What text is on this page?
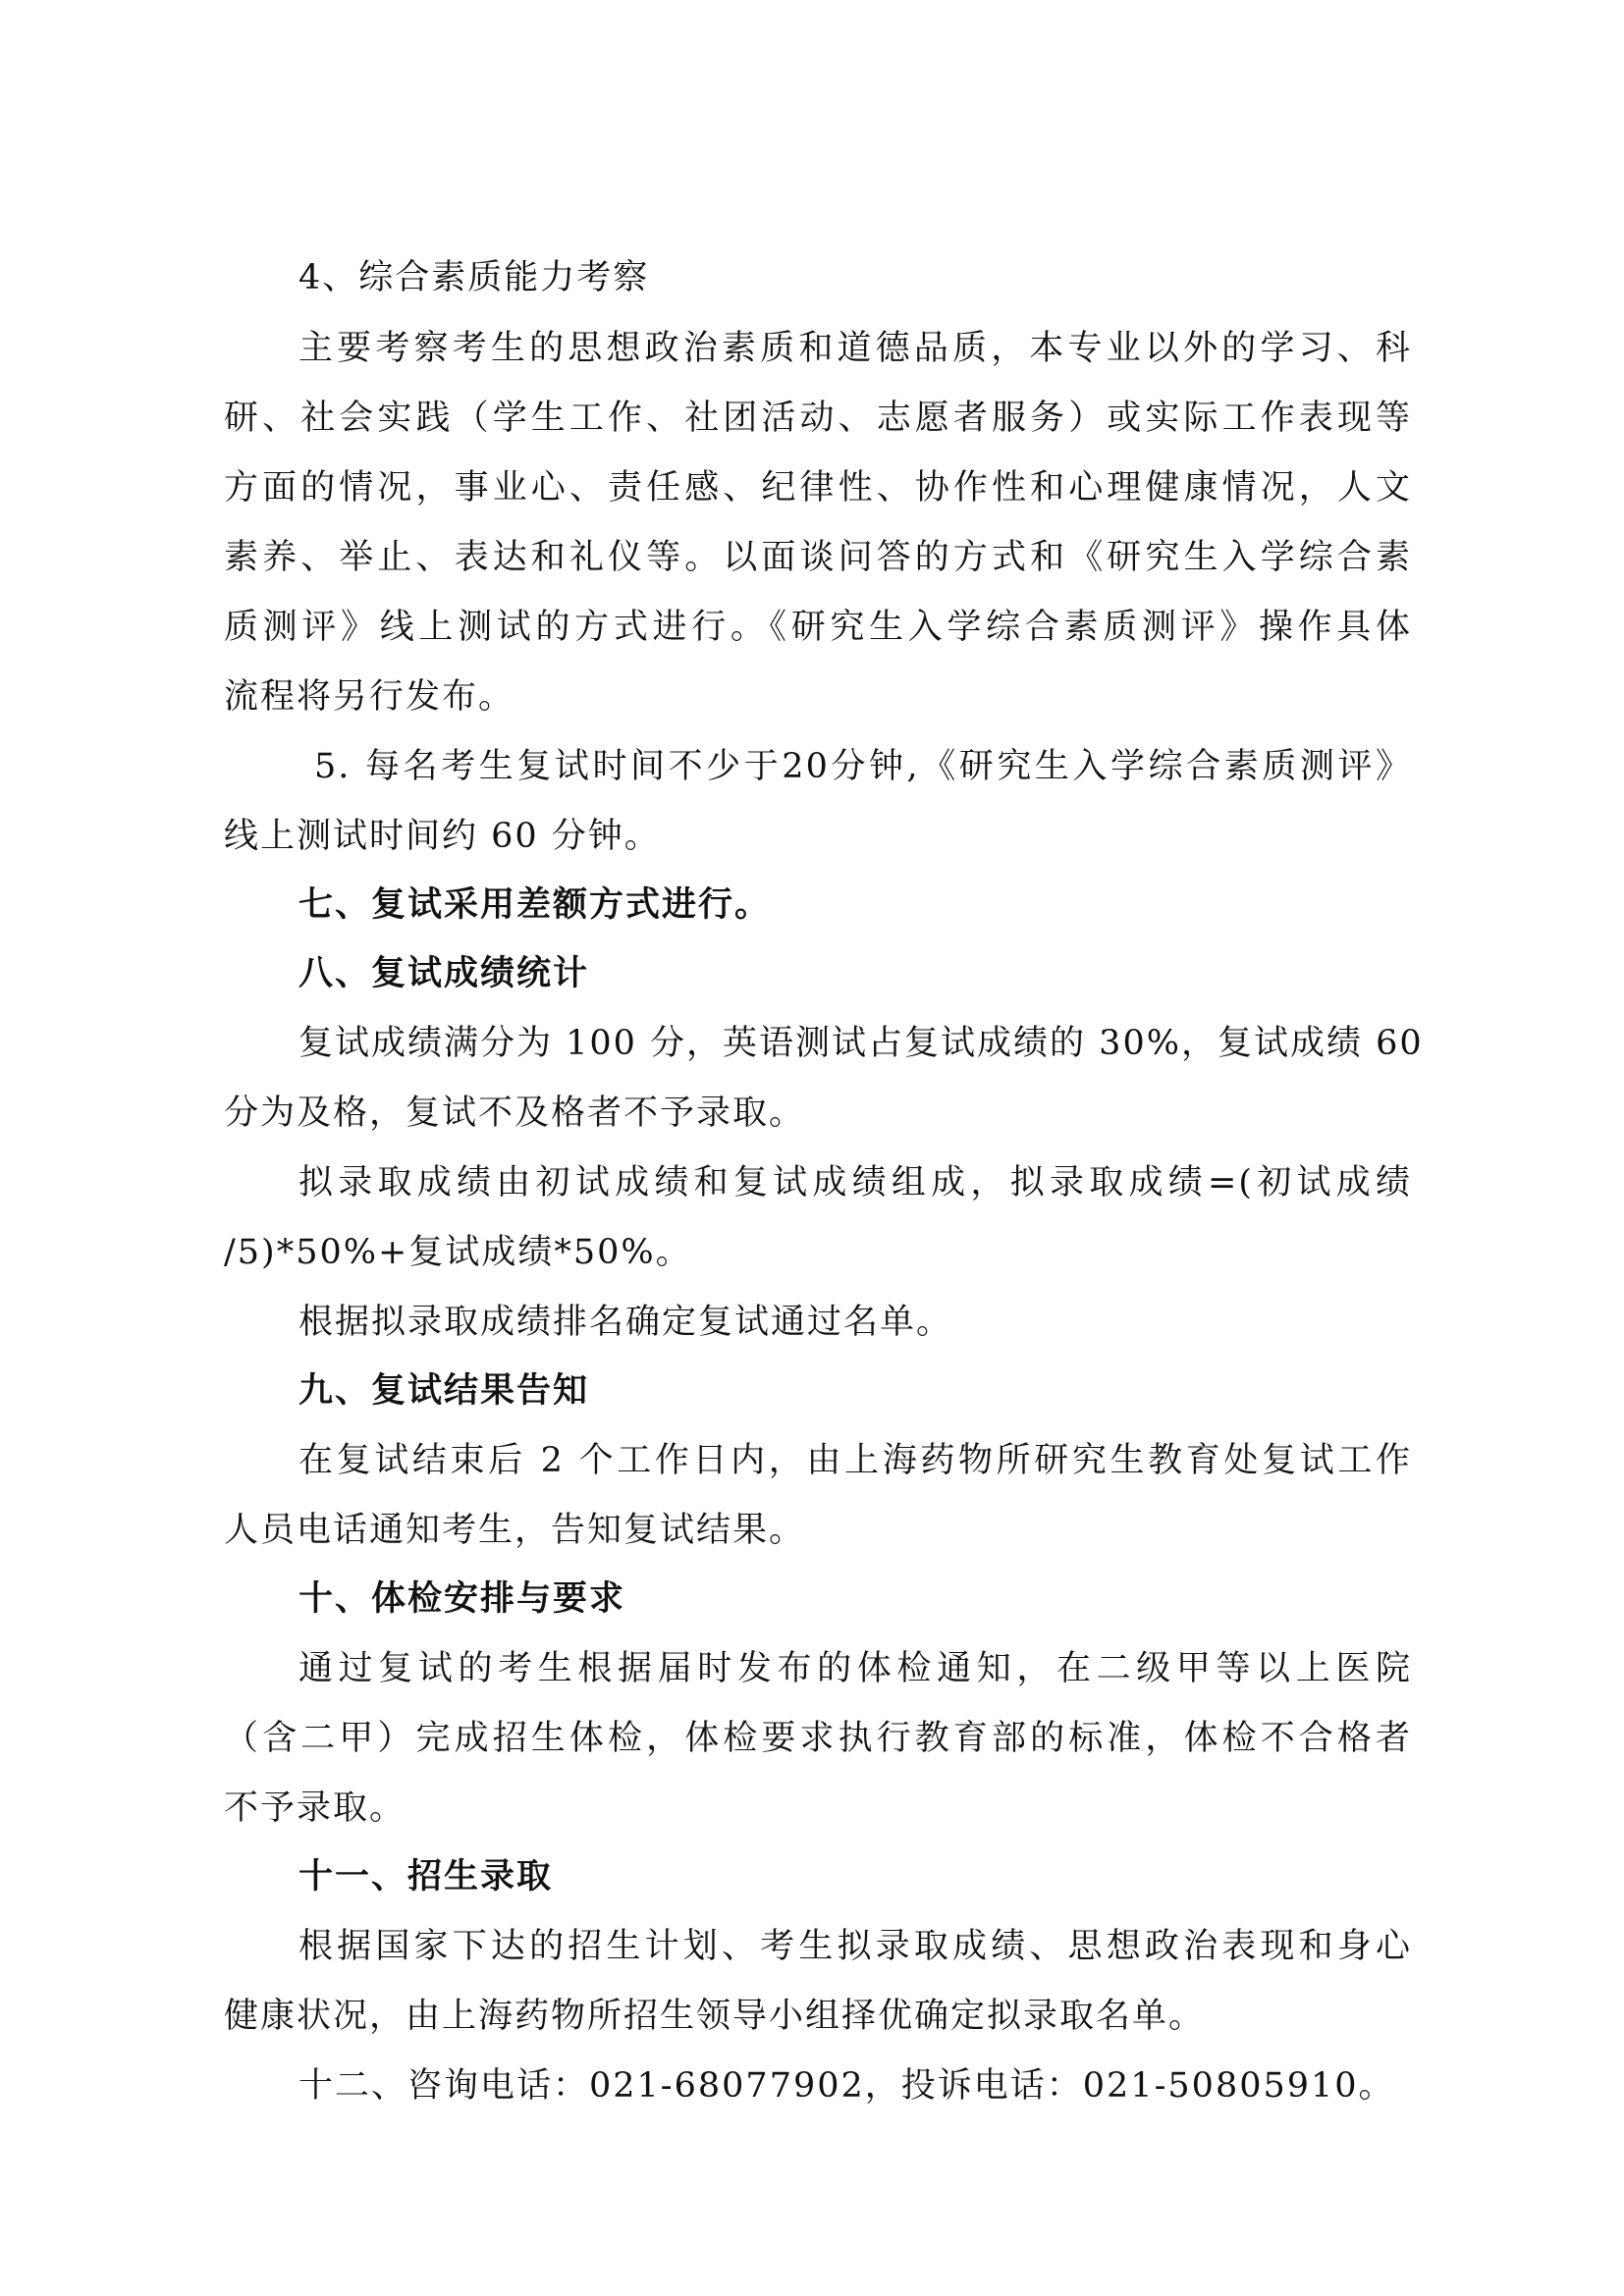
4、综合素质能力考察
主要考察考生的思想政治素质和道德品质，本专业以外的学习、科
研、社会实践（学生工作、社团活动、志愿者服务）或实际工作表现等
方面的情况，事业心、责任感、纪律性、协作性和心理健康情况，人文
素养、举止、表达和礼仪等。以面谈问答的方式和《研究生入学综合素
质测评》线上测试的方式进行。《研究生入学综合素质测评》操作具体
流程将另行发布。
5. 每名考生复试时间不少于20分钟,《研究生入学综合素质测评》
线上测试时间约 60 分钟。
七、复试采用差额方式进行。
八、复试成绩统计
复试成绩满分为 100 分，英语测试占复试成绩的 30%，复试成绩 60
分为及格，复试不及格者不予录取。
拟录取成绩由初试成绩和复试成绩组成，拟录取成绩=(初试成绩
/5)*50%+复试成绩*50%。
根据拟录取成绩排名确定复试通过名单。
九、复试结果告知
在复试结束后 2 个工作日内，由上海药物所研究生教育处复试工作
人员电话通知考生，告知复试结果。
十、体检安排与要求
通过复试的考生根据届时发布的体检通知，在二级甲等以上医院
（含二甲）完成招生体检，体检要求执行教育部的标准，体检不合格者
不予录取。
十一、招生录取
根据国家下达的招生计划、考生拟录取成绩、思想政治表现和身心
健康状况，由上海药物所招生领导小组择优确定拟录取名单。
十二、咨询电话：021-68077902，投诉电话：021-50805910。
